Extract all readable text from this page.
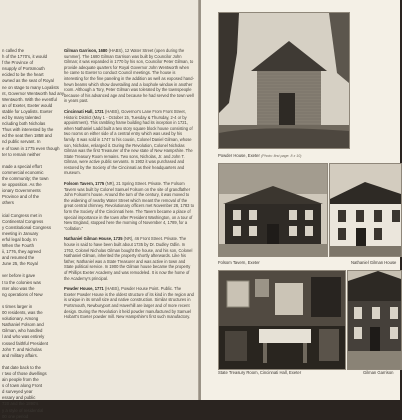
n called the
h of the 1770's, it would
f the Province of
nsupply of Portsmouth
ecided to be the heart
owned as the seat of Royal
ne on stage to many Loyalists
nt, Governor Wentworth had any
Wentworth. With the eventful
an of Exeter, Exeter would
stable for Loyalists. Exeter
ed by many talented
ncluding both Nicholas
Thus with interested by the
ed the seat then 1858 and
nd public servant. In
e of town in 1775 even though
ter to remain neither
made a special effort
commercial economic
the community; the town
se opposition. As the
ionary Governments
Province and of the
others
icial Congress met in
Continental Congress
y Constitutional Congress
meeting in January
erful legal body. In
When the Fourth
ii, 1776, they agreed
and resumed the
June 25, the Royal
ver before it gave
t to the colonies was
nter also was the
ng operations of New
s times larger in
00 residents, was the
volutionary. Among
Nathaniel Folsom and
Gilman, who handled
l and who was entirely
rossed faithful President
John T. and Nicholas
and military affairs.
that date back to the
r two of those dwellings
ain people from the
s of town along Front
d surveyed year
essary and public
720 and the 1890's
y a style of residential
00 one period

Gilman Garrison, 1680 (HABS), 12 Water Street (open during the summer). The 1680 Gilman Garrison was built by Councilor John Gilman; it was expanded in 1770 by his son, Councilor Peter Gilman, to provide adequate quarters for Royal Governor John Wentworth when he came to Exeter to conduct Council meetings. The house is interesting for the fine paneling in the addition as well as exposed hand-hewn beams which show dovetailing and a loophole window in another room. Although a Tory, Peter Gilman was tolerated by the townspeople because of his advanced age and because he had served the town well in years past.

Cincinnati Hall, 1721 (HABS), Governor's Lane From Front Street, Historic District (May 1 - October 15, Tuesday & Thursday, 2-4 or by appointment). This rambling frame building had its inception in 1721, when Nathaniel Ladd built a two story square block house consisting of two rooms on either side of a central entry which was used by his family. It was sold in 1747 to his cousin, Colonel Daniel Gilman, whose son, Nicholas, enlarged it. During the Revolution, Colonel Nicholas Gilman was the first Treasurer of the new state of New Hampshire. The State Treasury Room remains. Two sons, Nicholas, Jr. and John T. Gilman, were active public servants. In 1902 it was purchased and restored by the Society of the Cincinnati as their headquarters and museum.

Folsom Tavern, 1775 (NR), 21 Spring Street. Private. The Folsom Tavern was built by Colonel Samuel Folsom on the site of grandfather John Folsom's house. Around the turn of the century, it was moved to the widening of nearby Water Street which meant the removal of the great central chimney. Revolutionary officers met November 28, 1783 to form the Society of the Cincinnati here. The Tavern became a place of special importance in the town after President Washington, on a tour of New England, stopped here the morning of November 4, 1789, for a "collation."

Nathaniel Gilman House, 1735 (NR), 46 Front Street. Private. The house is said to have been built about 1735 by Dr. Dudley Odlin. In 1762, Colonel Nicholas Gilman bought the house, and his son, Colonel Nathaniel Gilman, inherited the property shortly afterwards. Like his father, Nathaniel was a State Treasurer and was active in town and State political service. In 1900 the Gilman house became the property of Phillips Exeter Academy and was remodeled. It is now the home of the Academy's principal.

Powder House, 1771 (HABS), Powder House Point. Public. The Exeter Powder House is the oldest structure of its kind in the region and is unique in its small size and native construction. Similar structures in Portsmouth, Newburyport and Haverhill are larger and of more recent design. During the Revolution it held powder manufactured by Samuel Hobart's Exeter powder mill. New Hampshire's first such manufactory.

Powder House, Exeter (Photo: first page. 8 x 10)
Folsom Tavern, Exeter	Nathaniel Gilman House
State Treasury Room, Cincinnati Hall, Exeter	Gilman Garrison
